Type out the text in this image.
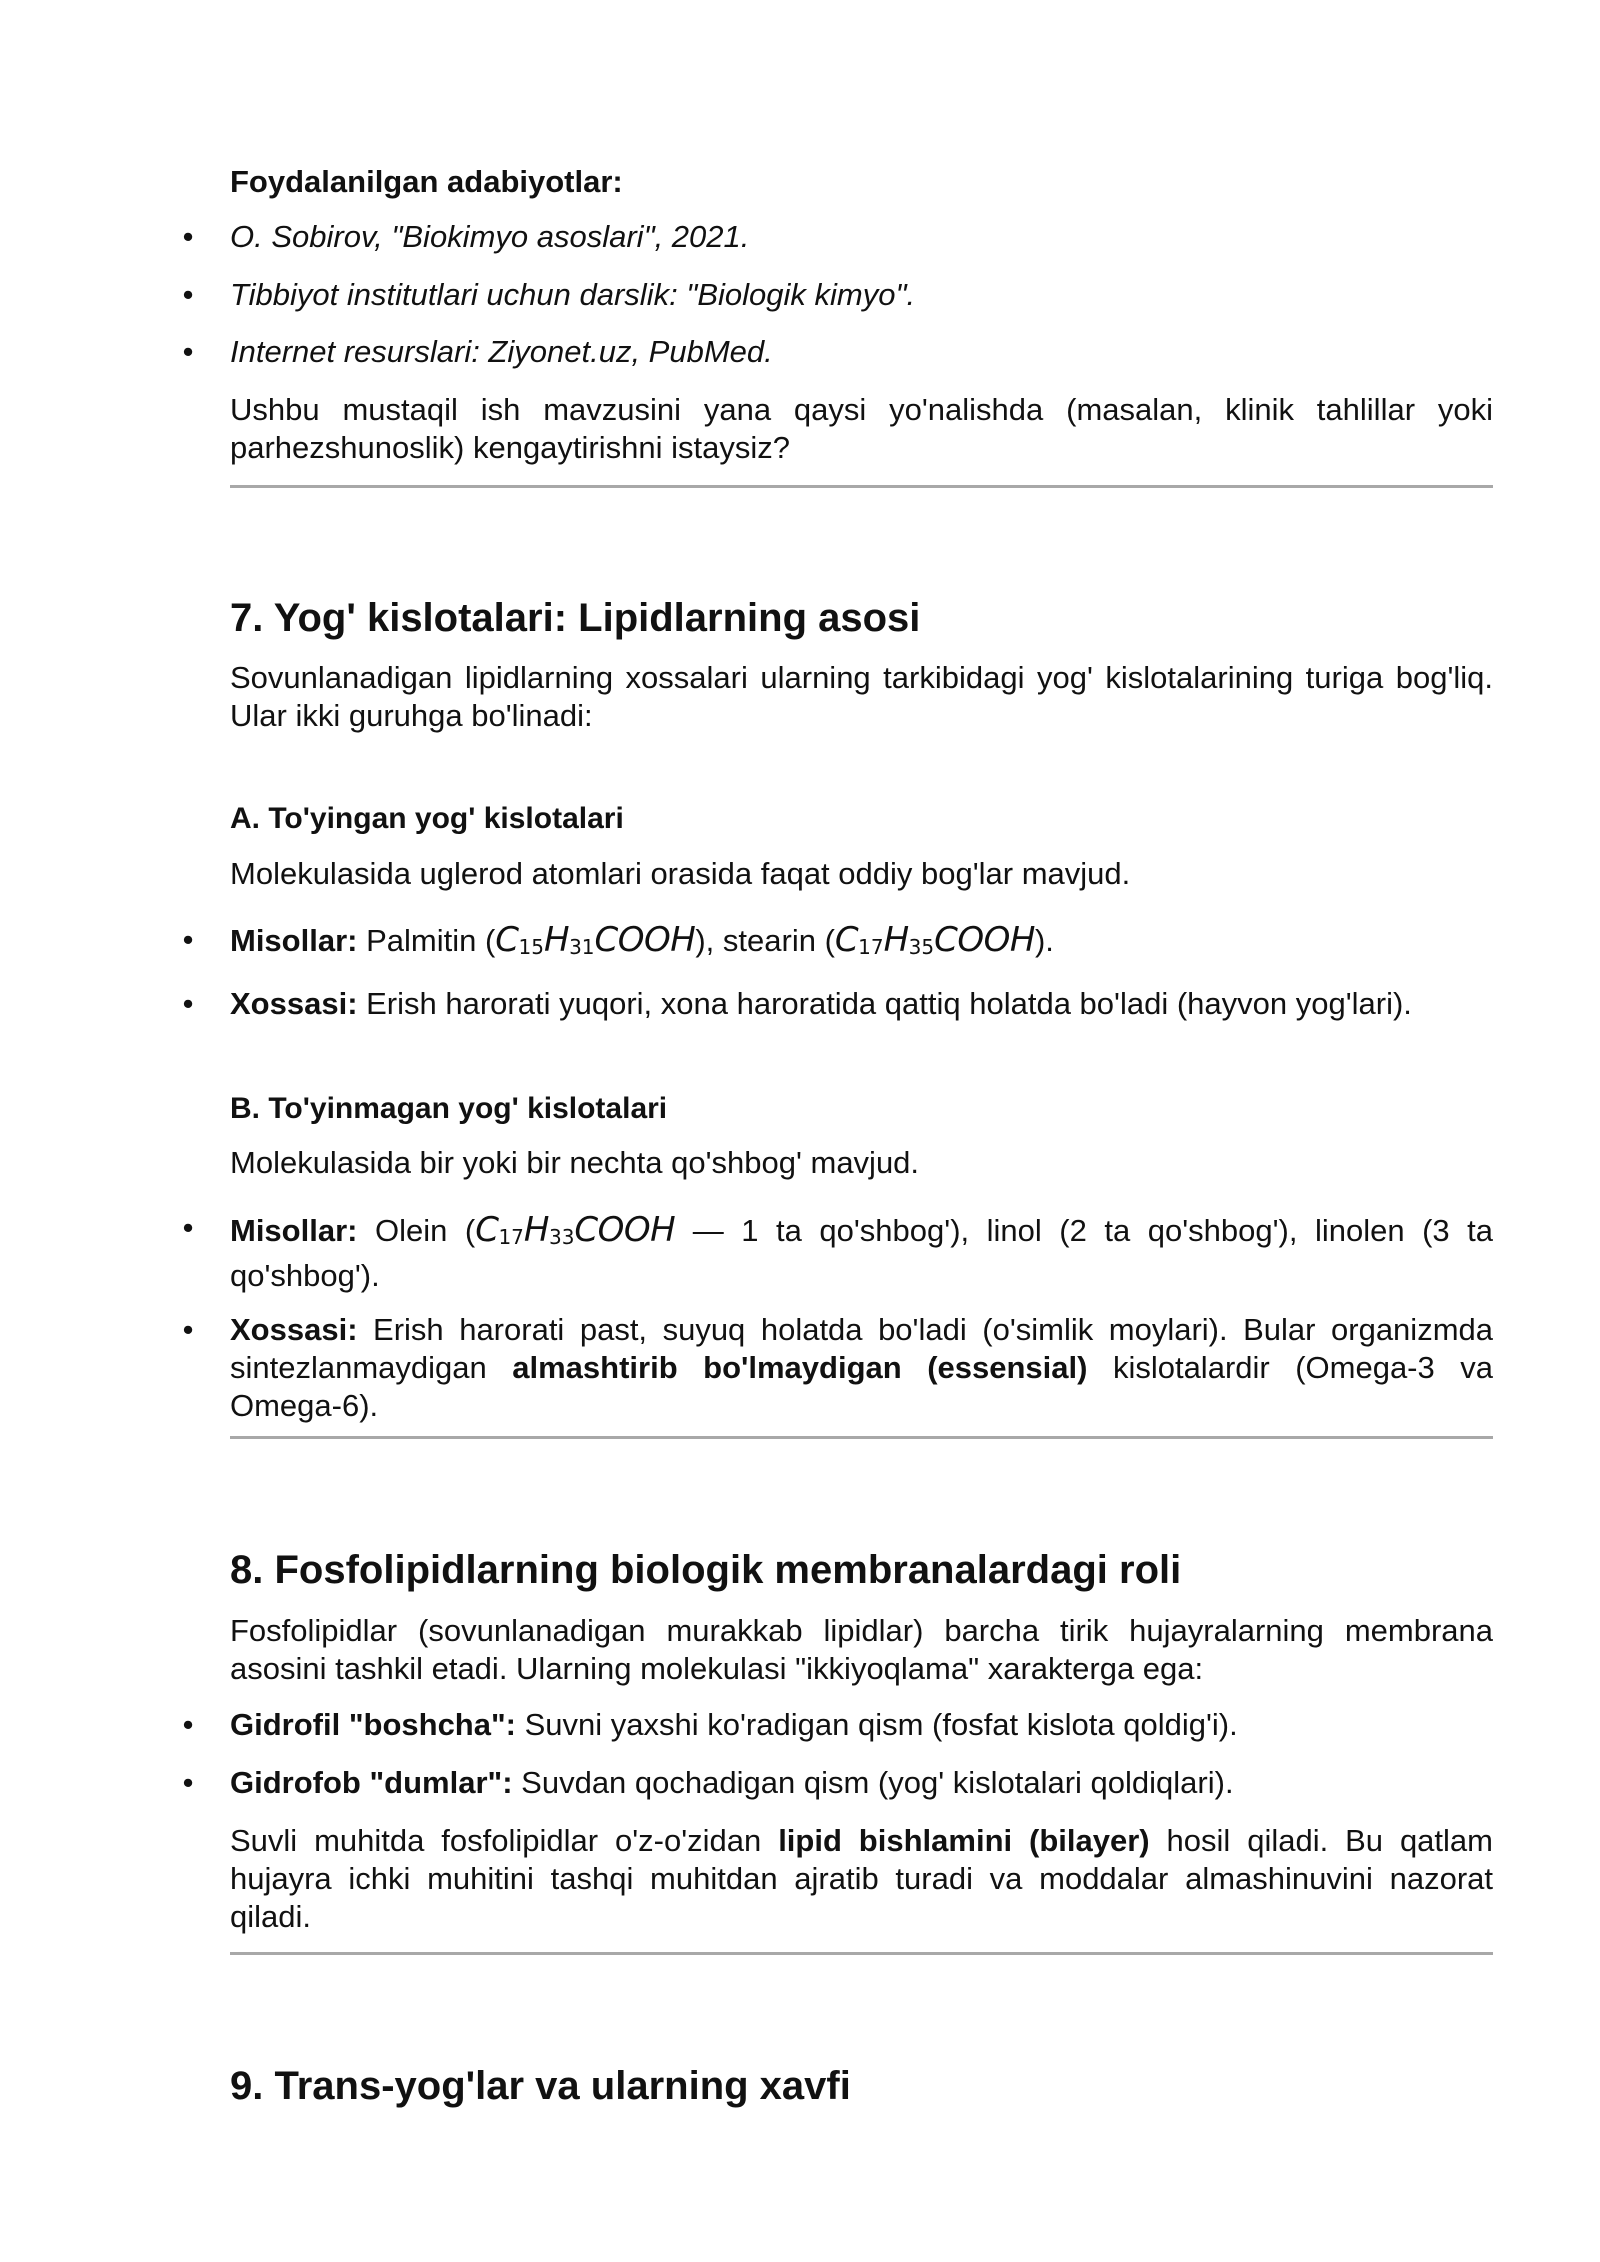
Foydalanilgan adabiyotlar:

• O. Sobirov, "Biokimyo asoslari", 2021.

• Tibbiyot institutlari uchun darslik: "Biologik kimyo".

• Internet resurslari: Ziyonet.uz, PubMed.

Ushbu mustaqil ish mavzusini yana qaysi yo'nalishda (masalan, klinik tahlillar yoki parhezshunoslik) kengaytirishni istaysiz?

7. Yog' kislotalari: Lipidlarning asosi

Sovunlanadigan lipidlarning xossalari ularning tarkibidagi yog' kislotalarining turiga bog'liq. Ular ikki guruhga bo'linadi:

A. To'yingan yog' kislotalari

Molekulasida uglerod atomlari orasida faqat oddiy bog'lar mavjud.

• Misollar: Palmitin $(C_{15}H_{31}COOH)$, stearin $(C_{17}H_{35}COOH)$.

• Xossasi: Erish harorati yuqori, xona haroratida qattiq holatda bo'ladi (hayvon yog'lari).

B. To'yinmagan yog' kislotalari

Molekulasida bir yoki bir nechta qo'shbog' mavjud.

• Misollar: Olein ($C_{17}H_{33}COOH$ — 1 ta qo'shbog'), linol (2 ta qo'shbog'), linolen (3 ta qo'shbog').

• Xossasi: Erish harorati past, suyuq holatda bo'ladi (o'simlik moylari). Bular organizmda sintezlanmaydigan almashtirib bo'lmaydigan (essensial) kislotalardir (Omega-3 va Omega-6).

8. Fosfolipidlarning biologik membranalardagi roli

Fosfolipidlar (sovunlanadigan murakkab lipidlar) barcha tirik hujayralarning membrana asosini tashkil etadi. Ularning molekulasi "ikkiyoqlama" xarakterga ega:

• Gidrofil "boshcha": Suvni yaxshi ko'radigan qism (fosfat kislota qoldig'i).

• Gidrofob "dumlar": Suvdan qochadigan qism (yog' kislotalari qoldiqlari).

Suvli muhitda fosfolipidlar o'z-o'zidan lipid bishlamini (bilayer) hosil qiladi. Bu qatlam hujayra ichki muhitini tashqi muhitdan ajratib turadi va moddalar almashinuvini nazorat qiladi.

9. Trans-yog'lar va ularning xavfi
